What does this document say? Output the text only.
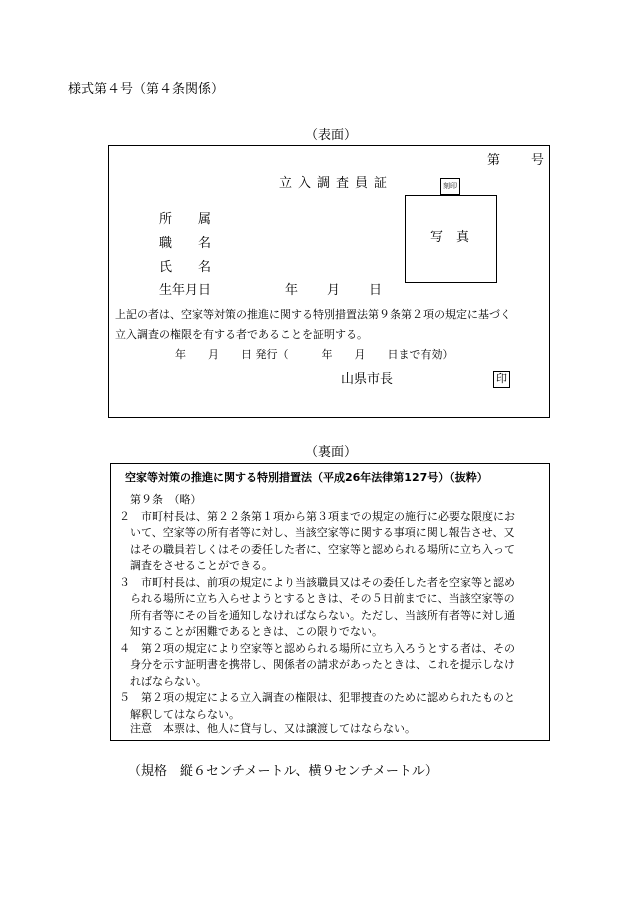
様式第４号（第４条関係）
（表面）
第 号
立入調査員証	刻印
写　真
所　　属
職　　名
氏　　名
生年月日	年 月 日
上記の者は、空家等対策の推進に関する特別措置法第９条第２項の規定に基づく
立入調査の権限を有する者であることを証明する。
年　　月　　日 発行（　　　年　　月　　日まで有効）
山県市長	印
（裏面）
空家等対策の推進に関する特別措置法（平成26年法律第127号）（抜粋）
　第９条　（略）
２　市町村長は、第２２条第１項から第３項までの規定の施行に必要な限度にお
　いて、空家等の所有者等に対し、当該空家等に関する事項に関し報告させ、又
　はその職員若しくはその委任した者に、空家等と認められる場所に立ち入って
　調査をさせることができる。
３　市町村長は、前項の規定により当該職員又はその委任した者を空家等と認め
　られる場所に立ち入らせようとするときは、その５日前までに、当該空家等の
　所有者等にその旨を通知しなければならない。ただし、当該所有者等に対し通
　知することが困難であるときは、この限りでない。
４　第２項の規定により空家等と認められる場所に立ち入ろうとする者は、その
　身分を示す証明書を携帯し、関係者の請求があったときは、これを提示しなけ
　ればならない。
５　第２項の規定による立入調査の権限は、犯罪捜査のために認められたものと
　解釈してはならない。
　注意　本票は、他人に貸与し、又は譲渡してはならない。
（規格　縦６センチメートル、横９センチメートル）
